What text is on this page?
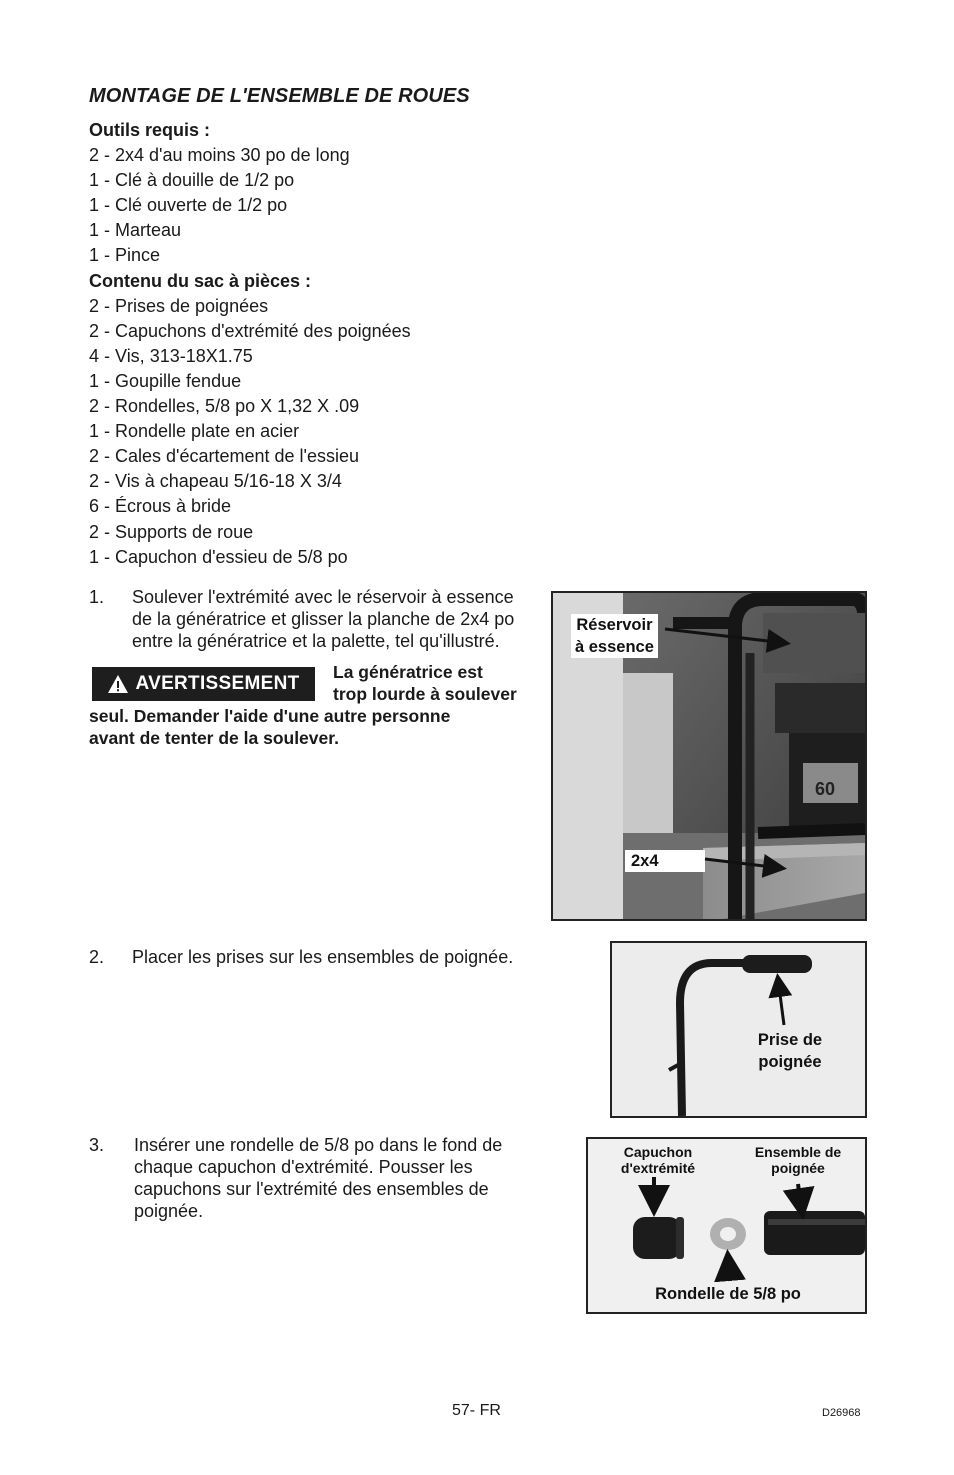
MONTAGE DE L'ENSEMBLE DE ROUES
Outils requis :
2 - 2x4 d'au moins 30 po de long
1 - Clé à douille de 1/2 po
1 - Clé ouverte de 1/2 po
1 - Marteau
1 - Pince
Contenu du sac à pièces :
2 - Prises de poignées
2 - Capuchons d'extrémité des poignées
4 - Vis, 313-18X1.75
1 - Goupille fendue
2 - Rondelles, 5/8 po X 1,32 X .09
1 - Rondelle plate en acier
2 - Cales d'écartement de l'essieu
2 - Vis à chapeau 5/16-18 X 3/4
6 - Écrous à bride
2 - Supports de roue
1 - Capuchon d'essieu de 5/8 po
1. Soulever l'extrémité avec le réservoir à essence
de la génératrice et glisser la planche de 2x4 po
entre la génératrice et la palette, tel qu'illustré.
AVERTISSEMENT
La génératrice est
trop lourde à soulever
seul. Demander l'aide d'une autre personne
avant de tenter de la soulever.
60
Réservoir
à essence
2x4
2. Placer les prises sur les ensembles de poignée.
Prise de
poignée
3. Insérer une rondelle de 5/8 po dans le fond de
chaque capuchon d'extrémité. Pousser les
capuchons sur l'extrémité des ensembles de
poignée.
Capuchon
d'extrémité
Ensemble de
poignée
Rondelle de 5/8 po
57- FR	D26968
